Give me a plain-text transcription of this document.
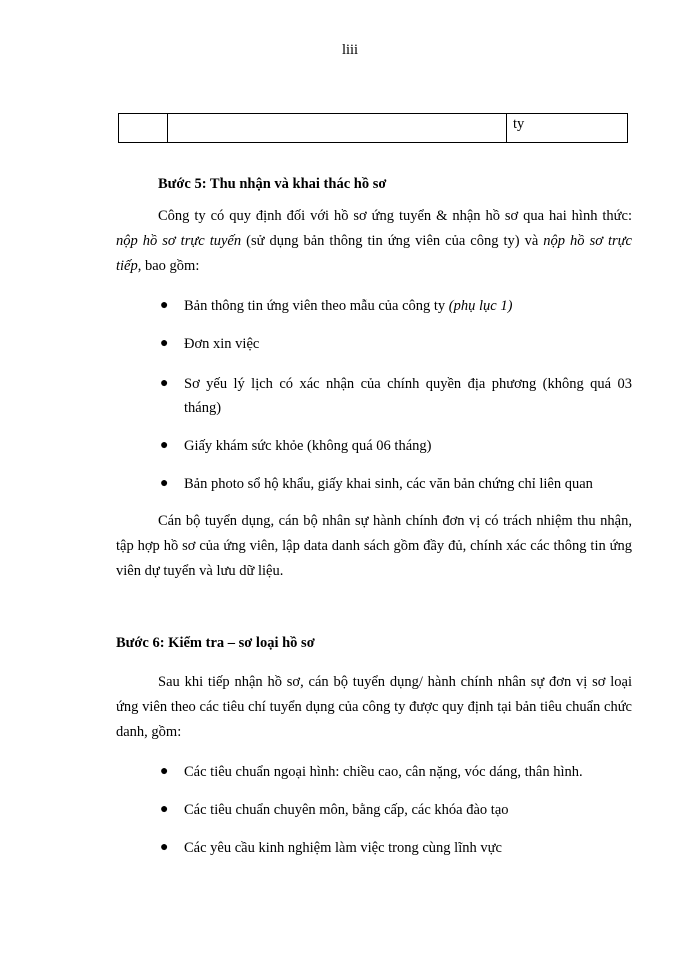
liii
		ty
Bước 5: Thu nhận và khai thác hồ sơ

Công ty có quy định đối với hồ sơ ứng tuyển & nhận hồ sơ qua hai hình thức: nộp hồ sơ trực tuyến (sử dụng bản thông tin ứng viên của công ty) và nộp hồ sơ trực tiếp, bao gồm:

● Bản thông tin ứng viên theo mẫu của công ty (phụ lục 1)
● Đơn xin việc
● Sơ yếu lý lịch có xác nhận của chính quyền địa phương (không quá 03 tháng)
● Giấy khám sức khỏe (không quá 06 tháng)
● Bản photo sổ hộ khẩu, giấy khai sinh, các văn bản chứng chỉ liên quan

Cán bộ tuyển dụng, cán bộ nhân sự hành chính đơn vị có trách nhiệm thu nhận, tập hợp hồ sơ của ứng viên, lập data danh sách gồm đầy đủ, chính xác các thông tin ứng viên dự tuyển và lưu dữ liệu.

Bước 6: Kiểm tra – sơ loại hồ sơ

Sau khi tiếp nhận hồ sơ, cán bộ tuyển dụng/ hành chính nhân sự đơn vị sơ loại ứng viên theo các tiêu chí tuyển dụng của công ty được quy định tại bản tiêu chuẩn chức danh, gồm:

● Các tiêu chuẩn ngoại hình: chiều cao, cân nặng, vóc dáng, thân hình.
● Các tiêu chuẩn chuyên môn, bằng cấp, các khóa đào tạo
● Các yêu cầu kinh nghiệm làm việc trong cùng lĩnh vực
